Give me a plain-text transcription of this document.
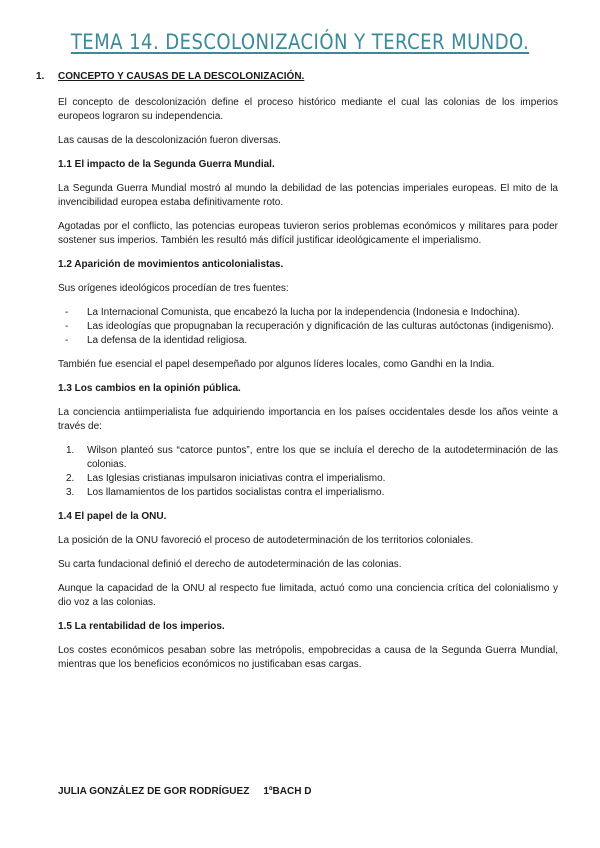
TEMA 14. DESCOLONIZACIÓN Y TERCER MUNDO.
1.	CONCEPTO Y CAUSAS DE LA DESCOLONIZACIÓN.

El concepto de descolonización define el proceso histórico mediante el cual las colonias de los imperios europeos lograron su independencia.

Las causas de la descolonización fueron diversas.

1.1 El impacto de la Segunda Guerra Mundial.

La Segunda Guerra Mundial mostró al mundo la debilidad de las potencias imperiales europeas. El mito de la invencibilidad europea estaba definitivamente roto.

Agotadas por el conflicto, las potencias europeas tuvieron serios problemas económicos y militares para poder sostener sus imperios. También les resultó más difícil justificar ideológicamente el imperialismo.

1.2 Aparición de movimientos anticolonialistas.

Sus orígenes ideológicos procedían de tres fuentes:

-	La Internacional Comunista, que encabezó la lucha por la independencia (Indonesia e Indochina).
-	Las ideologías que propugnaban la recuperación y dignificación de las culturas autóctonas (indigenismo).
-	La defensa de la identidad religiosa.

También fue esencial el papel desempeñado por algunos líderes locales, como Gandhi en la India.

1.3 Los cambios en la opinión pública.

La conciencia antiimperialista fue adquiriendo importancia en los países occidentales desde los años veinte a través de:

1.	Wilson planteó sus “catorce puntos”, entre los que se incluía el derecho de la autodeterminación de las colonias.
2.	Las Iglesias cristianas impulsaron iniciativas contra el imperialismo.
3.	Los llamamientos de los partidos socialistas contra el imperialismo.
1.4 El papel de la ONU.

La posición de la ONU favoreció el proceso de autodeterminación de los territorios coloniales.

Su carta fundacional definió el derecho de autodeterminación de las colonias.

Aunque la capacidad de la ONU al respecto fue limitada, actuó como una conciencia crítica del colonialismo y dio voz a las colonias.

1.5 La rentabilidad de los imperios.

Los costes económicos pesaban sobre las metrópolis, empobrecidas a causa de la Segunda Guerra Mundial, mientras que los beneficios económicos no justificaban esas cargas.

JULIA GONZÁLEZ DE GOR RODRÍGUEZ 1ºBACH D
